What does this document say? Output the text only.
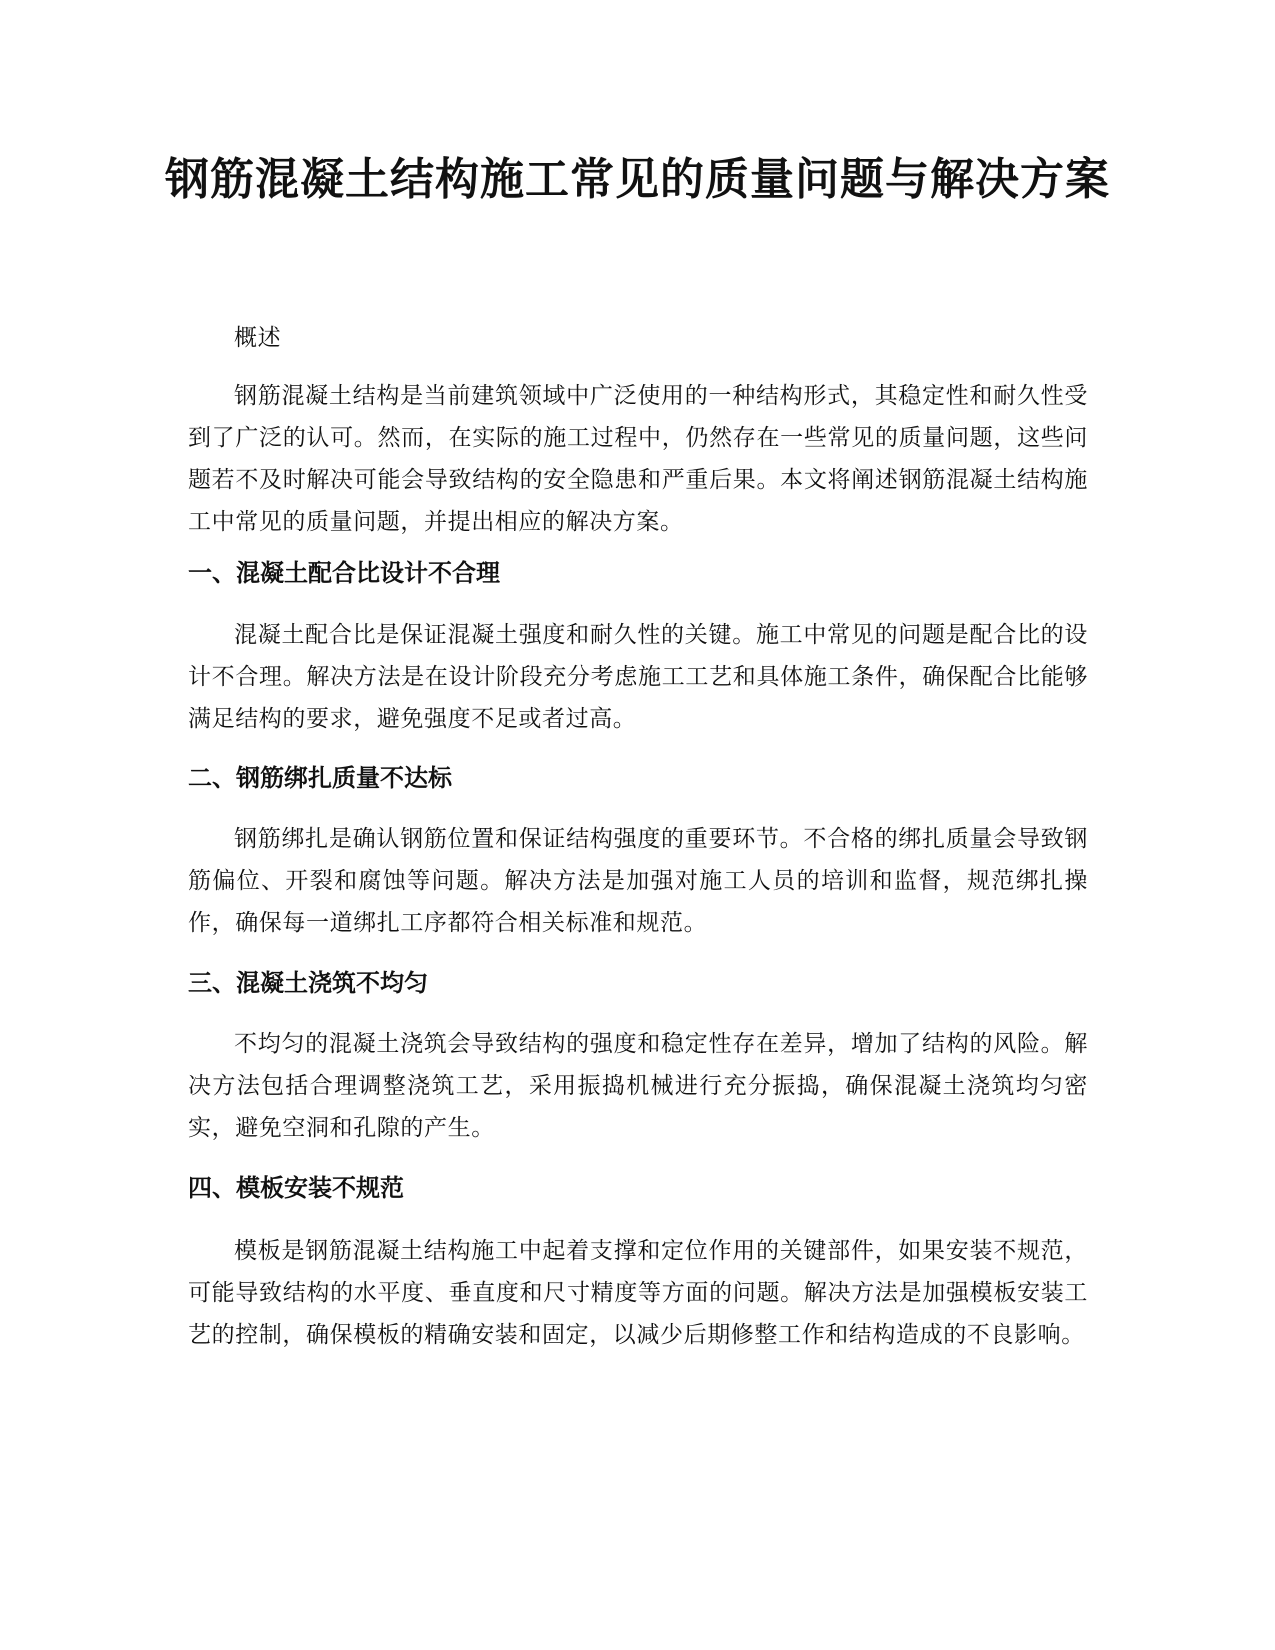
钢筋混凝土结构施工常见的质量问题与解决方案

概述

钢筋混凝土结构是当前建筑领域中广泛使用的一种结构形式，其稳定性和耐久性受到了广泛的认可。然而，在实际的施工过程中，仍然存在一些常见的质量问题，这些问题若不及时解决可能会导致结构的安全隐患和严重后果。本文将阐述钢筋混凝土结构施工中常见的质量问题，并提出相应的解决方案。

一、混凝土配合比设计不合理

混凝土配合比是保证混凝土强度和耐久性的关键。施工中常见的问题是配合比的设计不合理。解决方法是在设计阶段充分考虑施工工艺和具体施工条件，确保配合比能够满足结构的要求，避免强度不足或者过高。

二、钢筋绑扎质量不达标

钢筋绑扎是确认钢筋位置和保证结构强度的重要环节。不合格的绑扎质量会导致钢筋偏位、开裂和腐蚀等问题。解决方法是加强对施工人员的培训和监督，规范绑扎操作，确保每一道绑扎工序都符合相关标准和规范。

三、混凝土浇筑不均匀

不均匀的混凝土浇筑会导致结构的强度和稳定性存在差异，增加了结构的风险。解决方法包括合理调整浇筑工艺，采用振捣机械进行充分振捣，确保混凝土浇筑均匀密实，避免空洞和孔隙的产生。

四、模板安装不规范

模板是钢筋混凝土结构施工中起着支撑和定位作用的关键部件，如果安装不规范，可能导致结构的水平度、垂直度和尺寸精度等方面的问题。解决方法是加强模板安装工艺的控制，确保模板的精确安装和固定，以减少后期修整工作和结构造成的不良影响。
